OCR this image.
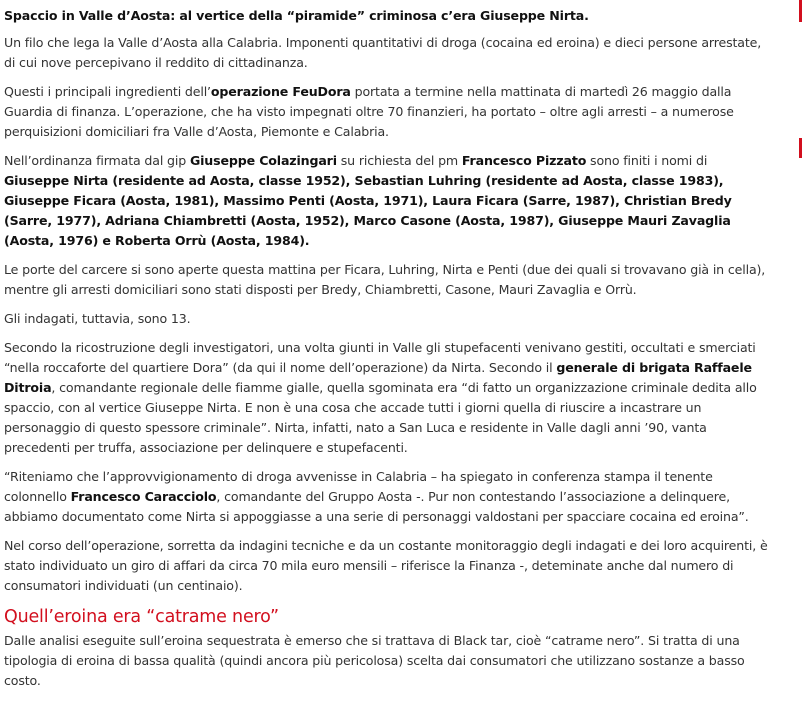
Spaccio in Valle d’Aosta: al vertice della “piramide” criminosa c’era Giuseppe Nirta.

Un filo che lega la Valle d’Aosta alla Calabria. Imponenti quantitativi di droga (cocaina ed eroina) e dieci persone arrestate, di cui nove percepivano il reddito di cittadinanza.

Questi i principali ingredienti dell’operazione FeuDora portata a termine nella mattinata di martedì 26 maggio dalla Guardia di finanza. L’operazione, che ha visto impegnati oltre 70 finanzieri, ha portato – oltre agli arresti – a numerose perquisizioni domiciliari fra Valle d’Aosta, Piemonte e Calabria.

Nell’ordinanza firmata dal gip Giuseppe Colazingari su richiesta del pm Francesco Pizzato sono finiti i nomi di Giuseppe Nirta (residente ad Aosta, classe 1952), Sebastian Luhring (residente ad Aosta, classe 1983), Giuseppe Ficara (Aosta, 1981), Massimo Penti (Aosta, 1971), Laura Ficara (Sarre, 1987), Christian Bredy (Sarre, 1977), Adriana Chiambretti (Aosta, 1952), Marco Casone (Aosta, 1987), Giuseppe Mauri Zavaglia (Aosta, 1976) e Roberta Orrù (Aosta, 1984).

Le porte del carcere si sono aperte questa mattina per Ficara, Luhring, Nirta e Penti (due dei quali si trovavano già in cella), mentre gli arresti domiciliari sono stati disposti per Bredy, Chiambretti, Casone, Mauri Zavaglia e Orrù.

Gli indagati, tuttavia, sono 13.

Secondo la ricostruzione degli investigatori, una volta giunti in Valle gli stupefacenti venivano gestiti, occultati e smerciati “nella roccaforte del quartiere Dora” (da qui il nome dell’operazione) da Nirta. Secondo il generale di brigata Raffaele Ditroia, comandante regionale delle fiamme gialle, quella sgominata era “di fatto un organizzazione criminale dedita allo spaccio, con al vertice Giuseppe Nirta. E non è una cosa che accade tutti i giorni quella di riuscire a incastrare un personaggio di questo spessore criminale”. Nirta, infatti, nato a San Luca e residente in Valle dagli anni ’90, vanta precedenti per truffa, associazione per delinquere e stupefacenti.

“Riteniamo che l’approvvigionamento di droga avvenisse in Calabria – ha spiegato in conferenza stampa il tenente colonnello Francesco Caracciolo, comandante del Gruppo Aosta -. Pur non contestando l’associazione a delinquere, abbiamo documentato come Nirta si appoggiasse a una serie di personaggi valdostani per spacciare cocaina ed eroina”.

Nel corso dell’operazione, sorretta da indagini tecniche e da un costante monitoraggio degli indagati e dei loro acquirenti, è stato individuato un giro di affari da circa 70 mila euro mensili – riferisce la Finanza -, deteminate anche dal numero di consumatori individuati (un centinaio).

Quell’eroina era “catrame nero”

Dalle analisi eseguite sull’eroina sequestrata è emerso che si trattava di Black tar, cioè “catrame nero”. Si tratta di una tipologia di eroina di bassa qualità (quindi ancora più pericolosa) scelta dai consumatori che utilizzano sostanze a basso costo.
